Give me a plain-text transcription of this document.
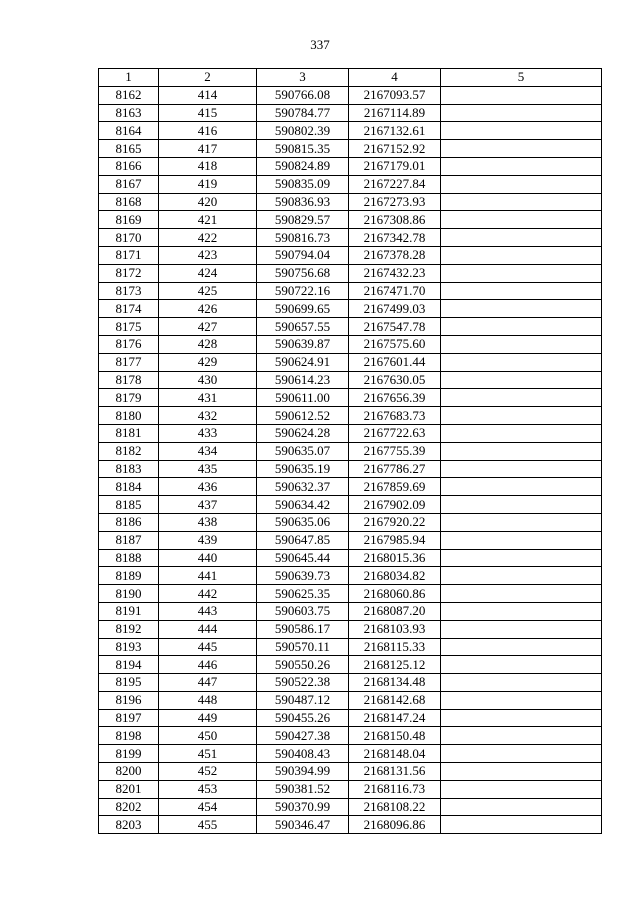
337
1	2	3	4	5
8162	414	590766.08	2167093.57	
8163	415	590784.77	2167114.89	
8164	416	590802.39	2167132.61	
8165	417	590815.35	2167152.92	
8166	418	590824.89	2167179.01	
8167	419	590835.09	2167227.84	
8168	420	590836.93	2167273.93	
8169	421	590829.57	2167308.86	
8170	422	590816.73	2167342.78	
8171	423	590794.04	2167378.28	
8172	424	590756.68	2167432.23	
8173	425	590722.16	2167471.70	
8174	426	590699.65	2167499.03	
8175	427	590657.55	2167547.78	
8176	428	590639.87	2167575.60	
8177	429	590624.91	2167601.44	
8178	430	590614.23	2167630.05	
8179	431	590611.00	2167656.39	
8180	432	590612.52	2167683.73	
8181	433	590624.28	2167722.63	
8182	434	590635.07	2167755.39	
8183	435	590635.19	2167786.27	
8184	436	590632.37	2167859.69	
8185	437	590634.42	2167902.09	
8186	438	590635.06	2167920.22	
8187	439	590647.85	2167985.94	
8188	440	590645.44	2168015.36	
8189	441	590639.73	2168034.82	
8190	442	590625.35	2168060.86	
8191	443	590603.75	2168087.20	
8192	444	590586.17	2168103.93	
8193	445	590570.11	2168115.33	
8194	446	590550.26	2168125.12	
8195	447	590522.38	2168134.48	
8196	448	590487.12	2168142.68	
8197	449	590455.26	2168147.24	
8198	450	590427.38	2168150.48	
8199	451	590408.43	2168148.04	
8200	452	590394.99	2168131.56	
8201	453	590381.52	2168116.73	
8202	454	590370.99	2168108.22	
8203	455	590346.47	2168096.86	
